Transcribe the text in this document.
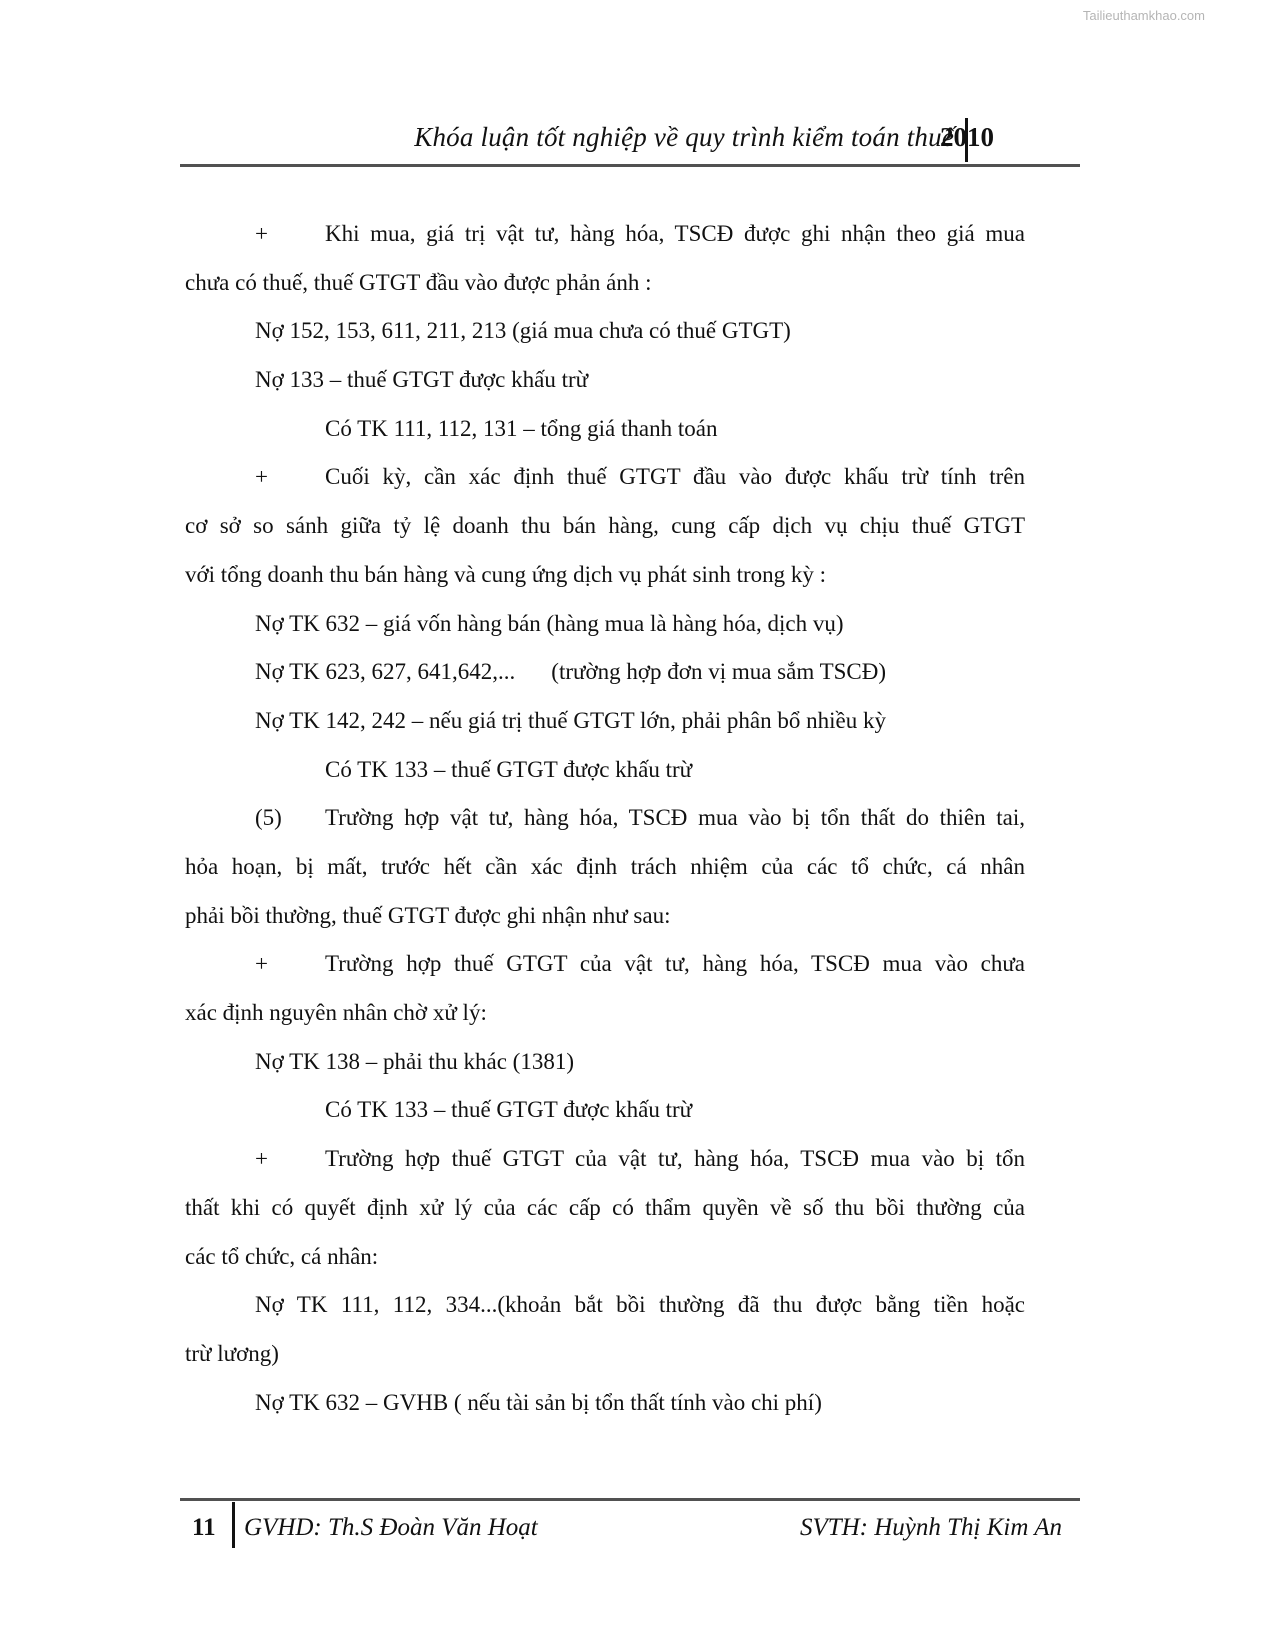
Tailieuthamkhao.com
Khóa luận tốt nghiệp về quy trình kiểm toán thuế
2010
+	Khi mua, giá trị vật tư, hàng hóa, TSCĐ được ghi nhận theo giá mua
chưa có thuế, thuế GTGT đầu vào được phản ánh :
Nợ 152, 153, 611, 211, 213 (giá mua chưa có thuế GTGT)
Nợ 133 – thuế GTGT được khấu trừ
Có TK 111, 112, 131 – tổng giá thanh toán
+	Cuối kỳ, cần xác định thuế GTGT đầu vào được khấu trừ tính trên
cơ sở so sánh giữa tỷ lệ doanh thu bán hàng, cung cấp dịch vụ chịu thuế GTGT
với tổng doanh thu bán hàng và cung ứng dịch vụ phát sinh trong kỳ :
Nợ TK 632 – giá vốn hàng bán (hàng mua là hàng hóa, dịch vụ)
Nợ TK 623, 627, 641,642,... (trường hợp đơn vị mua sắm TSCĐ)
Nợ TK 142, 242 – nếu giá trị thuế GTGT lớn, phải phân bổ nhiều kỳ
Có TK 133 – thuế GTGT được khấu trừ
(5)	Trường hợp vật tư, hàng hóa, TSCĐ mua vào bị tổn thất do thiên tai,
hỏa hoạn, bị mất, trước hết cần xác định trách nhiệm của các tổ chức, cá nhân
phải bồi thường, thuế GTGT được ghi nhận như sau:
+	Trường hợp thuế GTGT của vật tư, hàng hóa, TSCĐ mua vào chưa
xác định nguyên nhân chờ xử lý:
Nợ TK 138 – phải thu khác (1381)
Có TK 133 – thuế GTGT được khấu trừ
+	Trường hợp thuế GTGT của vật tư, hàng hóa, TSCĐ mua vào bị tổn
thất khi có quyết định xử lý của các cấp có thẩm quyền về số thu bồi thường của
các tổ chức, cá nhân:
Nợ TK 111, 112, 334...(khoản bắt bồi thường đã thu được bằng tiền hoặc
trừ lương)
Nợ TK 632 – GVHB ( nếu tài sản bị tổn thất tính vào chi phí)
11 GVHD: Th.S Đoàn Văn Hoạt	SVTH: Huỳnh Thị Kim An
